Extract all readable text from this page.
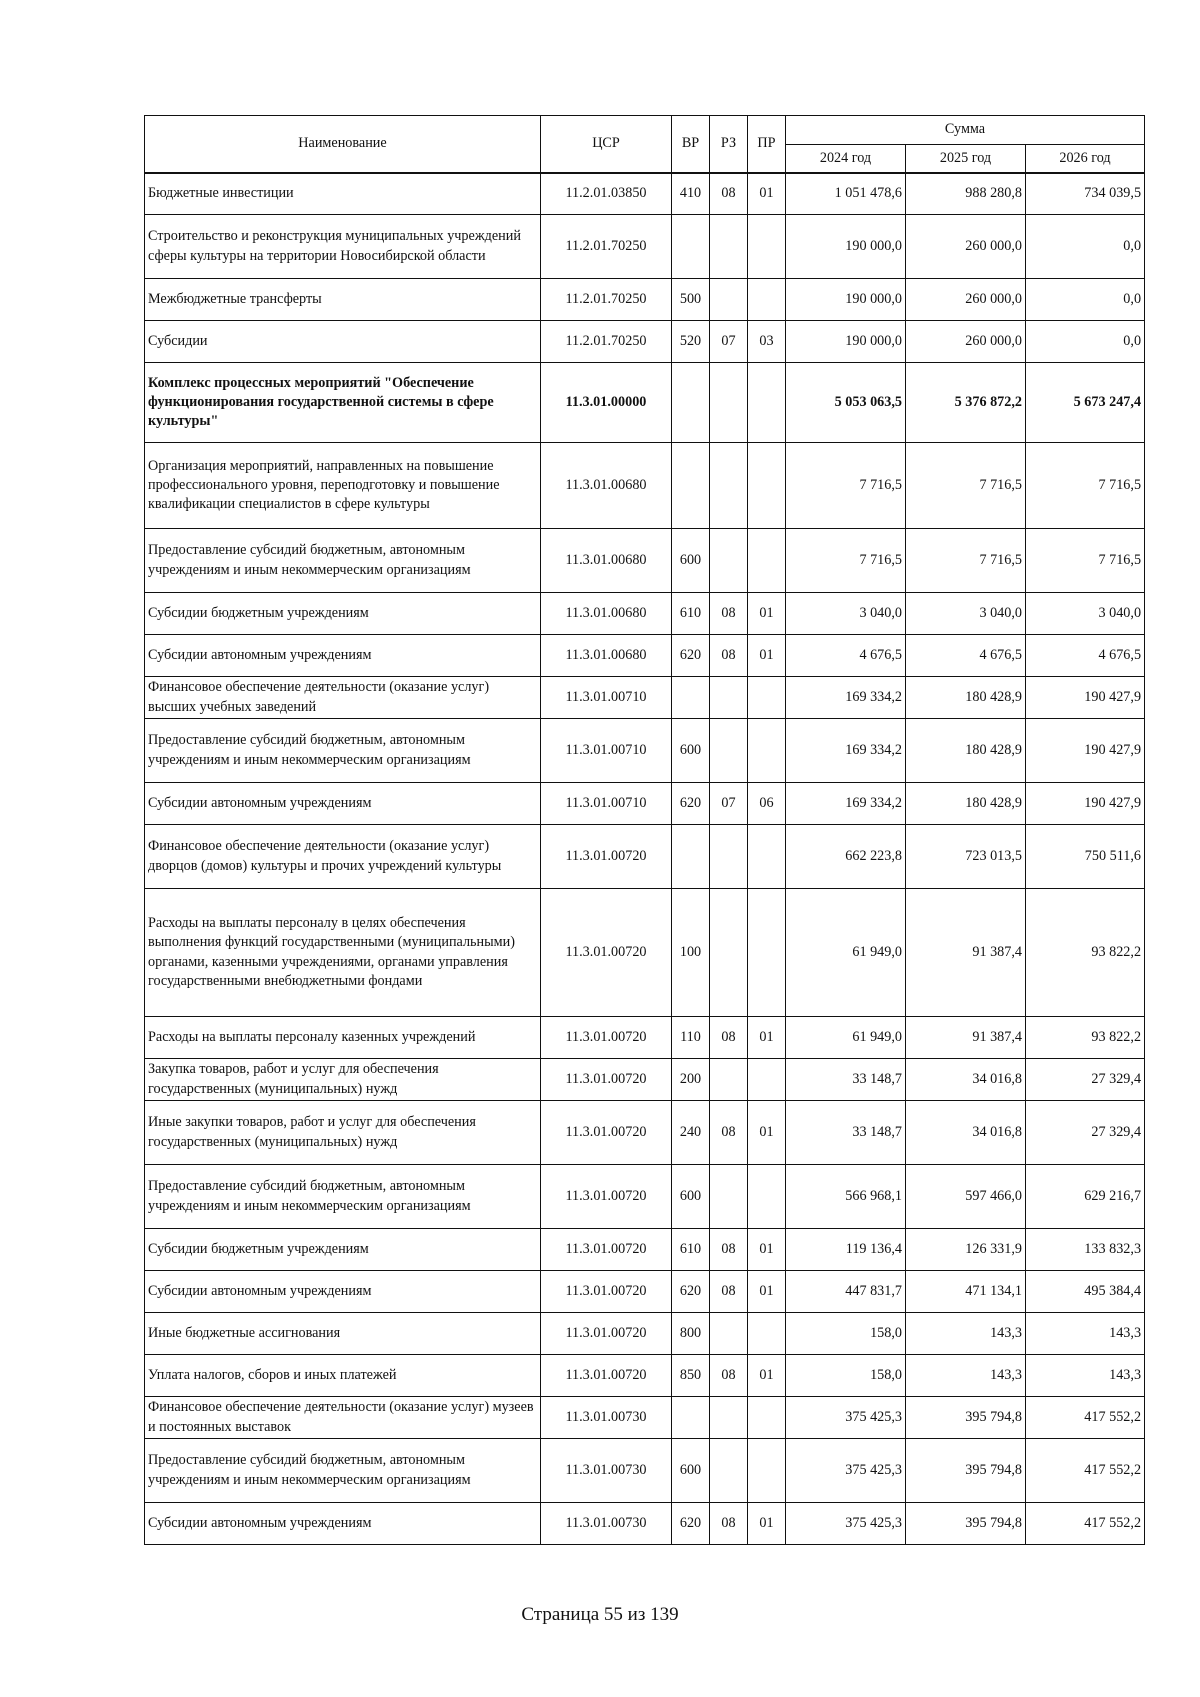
Наименование	ЦСР	ВР	РЗ	ПР	Сумма		
					2024 год	2025 год	2026 год
Бюджетные инвестиции	11.2.01.03850	410	08	01	1 051 478,6	988 280,8	734 039,5
Строительство и реконструкция муниципальных учреждений сферы культуры на территории Новосибирской области	11.2.01.70250				190 000,0	260 000,0	0,0
Межбюджетные трансферты	11.2.01.70250	500			190 000,0	260 000,0	0,0
Субсидии	11.2.01.70250	520	07	03	190 000,0	260 000,0	0,0
Комплекс процессных мероприятий "Обеспечение функционирования государственной системы в сфере культуры"	11.3.01.00000				5 053 063,5	5 376 872,2	5 673 247,4
Организация мероприятий, направленных на повышение профессионального уровня, переподготовку и повышение квалификации специалистов в сфере культуры	11.3.01.00680				7 716,5	7 716,5	7 716,5
Предоставление субсидий бюджетным, автономным учреждениям и иным некоммерческим организациям	11.3.01.00680	600			7 716,5	7 716,5	7 716,5
Субсидии бюджетным учреждениям	11.3.01.00680	610	08	01	3 040,0	3 040,0	3 040,0
Субсидии автономным учреждениям	11.3.01.00680	620	08	01	4 676,5	4 676,5	4 676,5
Финансовое обеспечение деятельности (оказание услуг) высших учебных заведений	11.3.01.00710				169 334,2	180 428,9	190 427,9
Предоставление субсидий бюджетным, автономным учреждениям и иным некоммерческим организациям	11.3.01.00710	600			169 334,2	180 428,9	190 427,9
Субсидии автономным учреждениям	11.3.01.00710	620	07	06	169 334,2	180 428,9	190 427,9
Финансовое обеспечение деятельности (оказание услуг) дворцов (домов) культуры и прочих учреждений культуры	11.3.01.00720				662 223,8	723 013,5	750 511,6
Расходы на выплаты персоналу в целях обеспечения выполнения функций государственными (муниципальными) органами, казенными учреждениями, органами управления государственными внебюджетными фондами	11.3.01.00720	100			61 949,0	91 387,4	93 822,2
Расходы на выплаты персоналу казенных учреждений	11.3.01.00720	110	08	01	61 949,0	91 387,4	93 822,2
Закупка товаров, работ и услуг для обеспечения государственных (муниципальных) нужд	11.3.01.00720	200			33 148,7	34 016,8	27 329,4
Иные закупки товаров, работ и услуг для обеспечения государственных (муниципальных) нужд	11.3.01.00720	240	08	01	33 148,7	34 016,8	27 329,4
Предоставление субсидий бюджетным, автономным учреждениям и иным некоммерческим организациям	11.3.01.00720	600			566 968,1	597 466,0	629 216,7
Субсидии бюджетным учреждениям	11.3.01.00720	610	08	01	119 136,4	126 331,9	133 832,3
Субсидии автономным учреждениям	11.3.01.00720	620	08	01	447 831,7	471 134,1	495 384,4
Иные бюджетные ассигнования	11.3.01.00720	800			158,0	143,3	143,3
Уплата налогов, сборов и иных платежей	11.3.01.00720	850	08	01	158,0	143,3	143,3
Финансовое обеспечение деятельности (оказание услуг) музеев и постоянных выставок	11.3.01.00730				375 425,3	395 794,8	417 552,2
Предоставление субсидий бюджетным, автономным учреждениям и иным некоммерческим организациям	11.3.01.00730	600			375 425,3	395 794,8	417 552,2
Субсидии автономным учреждениям	11.3.01.00730	620	08	01	375 425,3	395 794,8	417 552,2
Страница 55 из 139
